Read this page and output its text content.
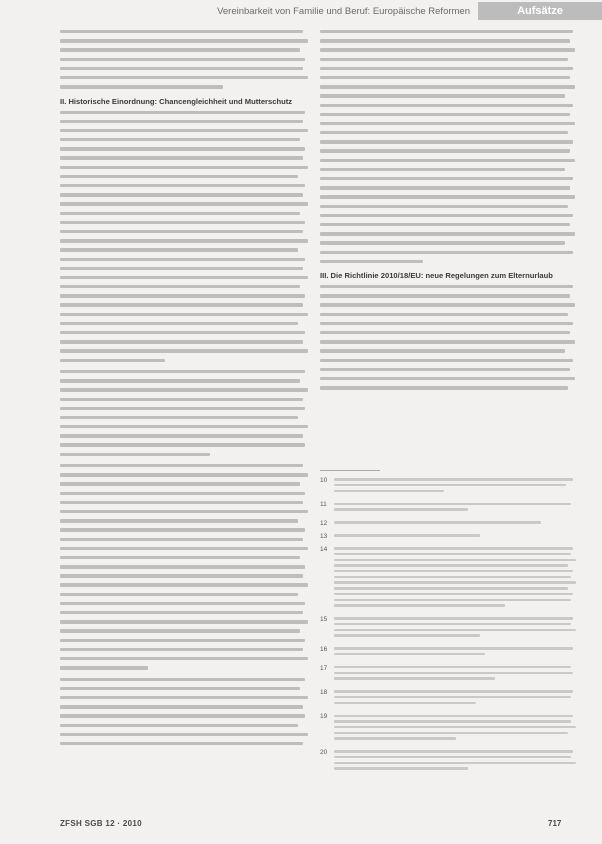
Vereinbarkeit von Familie und Beruf: Europäische Reformen	Aufsätze
II. Historische Einordnung: Chancengleichheit und Mutterschutz
III. Die Richtlinie 2010/18/EU: neue Regelungen zum Elternurlaub
10
11
12
13
14
15
16
17
18
19
20
ZFSH SGB 12 · 2010	717
